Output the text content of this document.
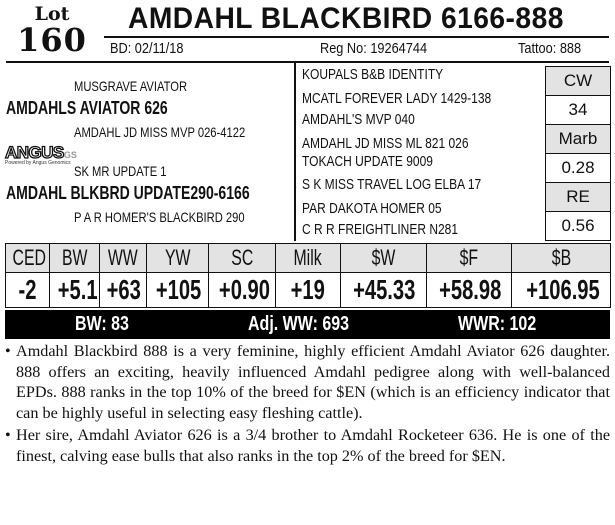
Lot
160
AMDAHL BLACKBIRD 6166-888
BD: 02/11/18	Reg No: 19264744	Tattoo: 888
MUSGRAVE AVIATOR
AMDAHLS AVIATOR 626
AMDAHL JD MISS MVP 026-4122
ANGUSGS
Powered by Angus Genomics SK MR UPDATE 1
AMDAHL BLKBRD UPDATE290-6166
P A R HOMER'S BLACKBIRD 290
KOUPALS B&B IDENTITY
MCATL FOREVER LADY 1429-138
AMDAHL'S MVP 040
AMDAHL JD MISS ML 821 026
TOKACH UPDATE 9009
S K MISS TRAVEL LOG ELBA 17
PAR DAKOTA HOMER 05
C R R FREIGHTLINER N281
CW
34
Marb
0.28
RE
0.56
CED	BW	WW	YW	SC	Milk	$W	$F	$B
-2	+5.1	+63	+105	+0.90	+19	+45.33	+58.98	+106.95
BW: 83	Adj. WW: 693	WWR: 102

• Amdahl Blackbird 888 is a very feminine, highly efficient Amdahl Aviator 626 daughter. 888 offers an exciting, heavily influenced Amdahl pedigree along with well-balanced EPDs. 888 ranks in the top 10% of the breed for $EN (which is an efficiency indicator that can be highly useful in selecting easy fleshing cattle).

• Her sire, Amdahl Aviator 626 is a 3/4 brother to Amdahl Rocketeer 636. He is one of the finest, calving ease bulls that also ranks in the top 2% of the breed for $EN.
